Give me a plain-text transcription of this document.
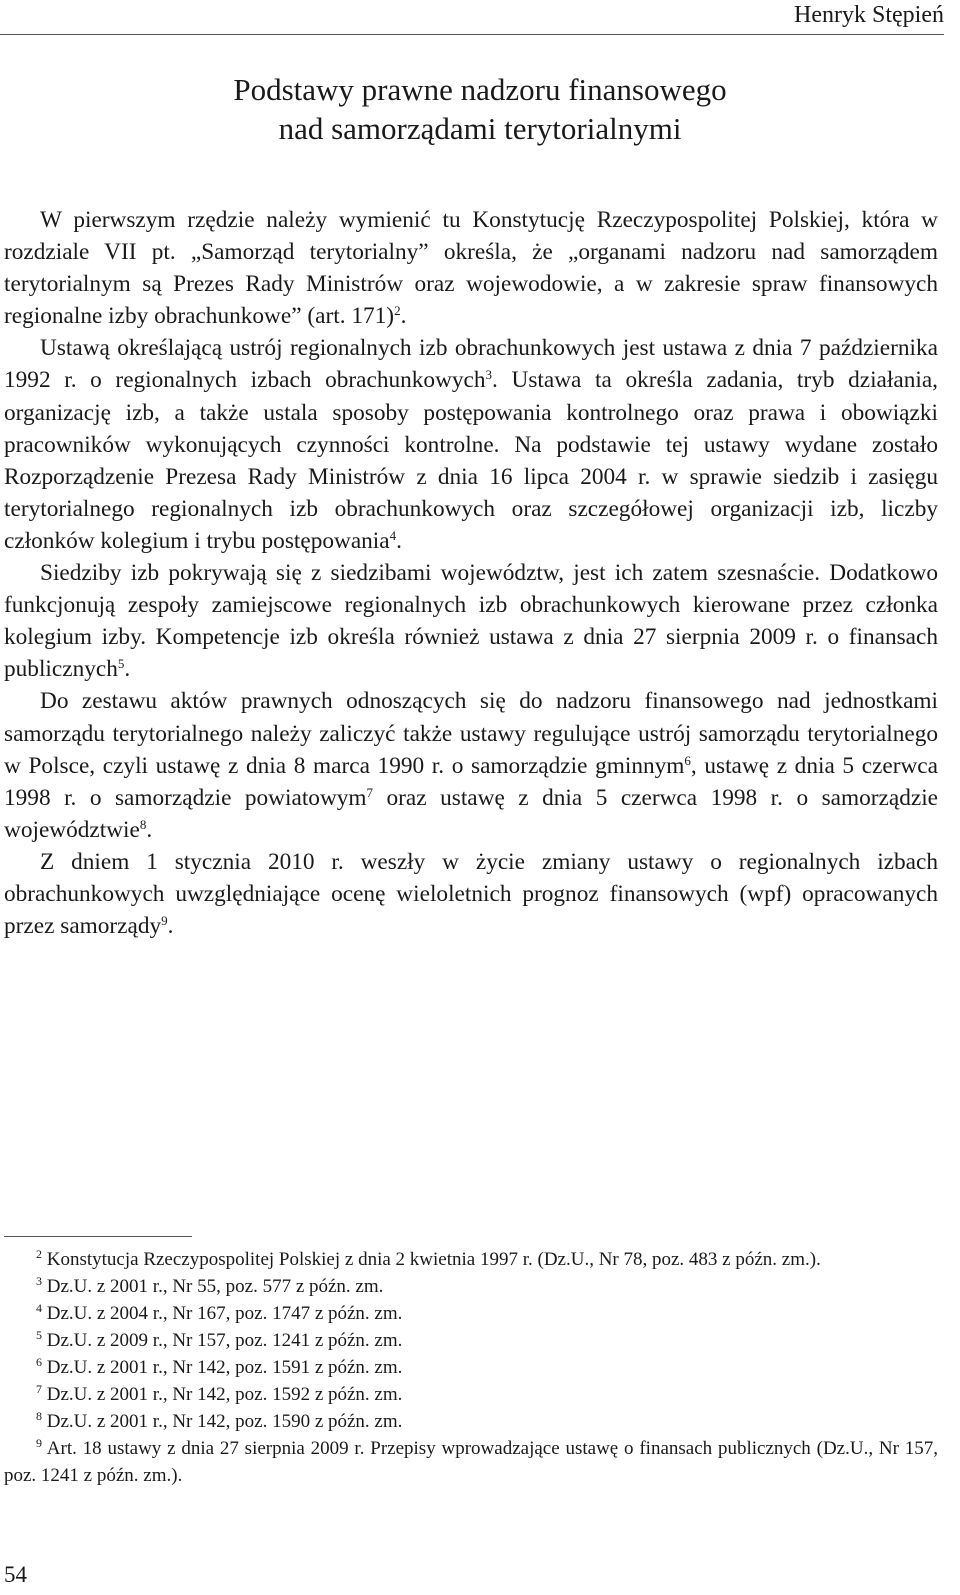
Henryk Stępień
Podstawy prawne nadzoru finansowego
nad samorządami terytorialnymi

W pierwszym rzędzie należy wymienić tu Konstytucję Rzeczypospolitej Polskiej, która w rozdziale VII pt. „Samorząd terytorialny” określa, że „organami nadzoru nad samorządem terytorialnym są Prezes Rady Ministrów oraz wojewodowie, a w zakresie spraw finansowych regionalne izby obrachunkowe” (art. 171)$^2$.

Ustawą określającą ustrój regionalnych izb obrachunkowych jest ustawa z dnia 7 października 1992 r. o regionalnych izbach obrachunkowych$^3$. Ustawa ta określa zadania, tryb działania, organizację izb, a także ustala sposoby postępowania kontrolnego oraz prawa i obowiązki pracowników wykonujących czynności kontrolne. Na podstawie tej ustawy wydane zostało Rozporządzenie Prezesa Rady Ministrów z dnia 16 lipca 2004 r. w sprawie siedzib i zasięgu terytorialnego regionalnych izb obrachunkowych oraz szczegółowej organizacji izb, liczby członków kolegium i trybu postępowania$^4$.

Siedziby izb pokrywają się z siedzibami województw, jest ich zatem szesnaście. Dodatkowo funkcjonują zespoły zamiejscowe regionalnych izb obrachunkowych kierowane przez członka kolegium izby. Kompetencje izb określa również ustawa z dnia 27 sierpnia 2009 r. o finansach publicznych$^5$.

Do zestawu aktów prawnych odnoszących się do nadzoru finansowego nad jednostkami samorządu terytorialnego należy zaliczyć także ustawy regulujące ustrój samorządu terytorialnego w Polsce, czyli ustawę z dnia 8 marca 1990 r. o samorządzie gminnym$^6$, ustawę z dnia 5 czerwca 1998 r. o samorządzie powiatowym$^7$ oraz ustawę z dnia 5 czerwca 1998 r. o samorządzie województwie$^8$.

Z dniem 1 stycznia 2010 r. weszły w życie zmiany ustawy o regionalnych izbach obrachunkowych uwzględniające ocenę wieloletnich prognoz finansowych (wpf) opracowanych przez samorządy$^9$.

$^2$ Konstytucja Rzeczypospolitej Polskiej z dnia 2 kwietnia 1997 r. (Dz.U., Nr 78, poz. 483 z późn. zm.).

$^3$ Dz.U. z 2001 r., Nr 55, poz. 577 z późn. zm.

$^4$ Dz.U. z 2004 r., Nr 167, poz. 1747 z późn. zm.

$^5$ Dz.U. z 2009 r., Nr 157, poz. 1241 z późn. zm.

$^6$ Dz.U. z 2001 r., Nr 142, poz. 1591 z późn. zm.

$^7$ Dz.U. z 2001 r., Nr 142, poz. 1592 z późn. zm.

$^8$ Dz.U. z 2001 r., Nr 142, poz. 1590 z późn. zm.

$^9$ Art. 18 ustawy z dnia 27 sierpnia 2009 r. Przepisy wprowadzające ustawę o finansach publicznych (Dz.U., Nr 157, poz. 1241 z późn. zm.).

54
